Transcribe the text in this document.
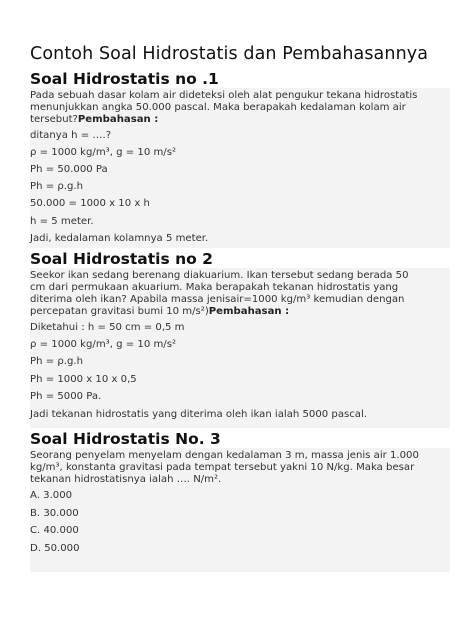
Contoh Soal Hidrostatis dan Pembahasannya
Soal Hidrostatis no .1
Pada sebuah dasar kolam air dideteksi oleh alat pengukur tekana hidrostatis
menunjukkan angka 50.000 pascal. Maka berapakah kedalaman kolam air
tersebut?Pembahasan :
ditanya h = ….?
ρ = 1000 kg/m³, g = 10 m/s²
Ph = 50.000 Pa
Ph = ρ.g.h
50.000 = 1000 x 10 x h
h = 5 meter.
Jadi, kedalaman kolamnya 5 meter.
Soal Hidrostatis no 2
Seekor ikan sedang berenang diakuarium. Ikan tersebut sedang berada 50
cm dari permukaan akuarium. Maka berapakah tekanan hidrostatis yang
diterima oleh ikan? Apabila massa jenisair=1000 kg/m³ kemudian dengan
percepatan gravitasi bumi 10 m/s²)Pembahasan :
Diketahui : h = 50 cm = 0,5 m
ρ = 1000 kg/m³, g = 10 m/s²
Ph = ρ.g.h
Ph = 1000 x 10 x 0,5
Ph = 5000 Pa.
Jadi tekanan hidrostatis yang diterima oleh ikan ialah 5000 pascal.
Soal Hidrostatis No. 3
Seorang penyelam menyelam dengan kedalaman 3 m, massa jenis air 1.000
kg/m³, konstanta gravitasi pada tempat tersebut yakni 10 N/kg. Maka besar
tekanan hidrostatisnya ialah …. N/m².
A. 3.000
B. 30.000
C. 40.000
D. 50.000
